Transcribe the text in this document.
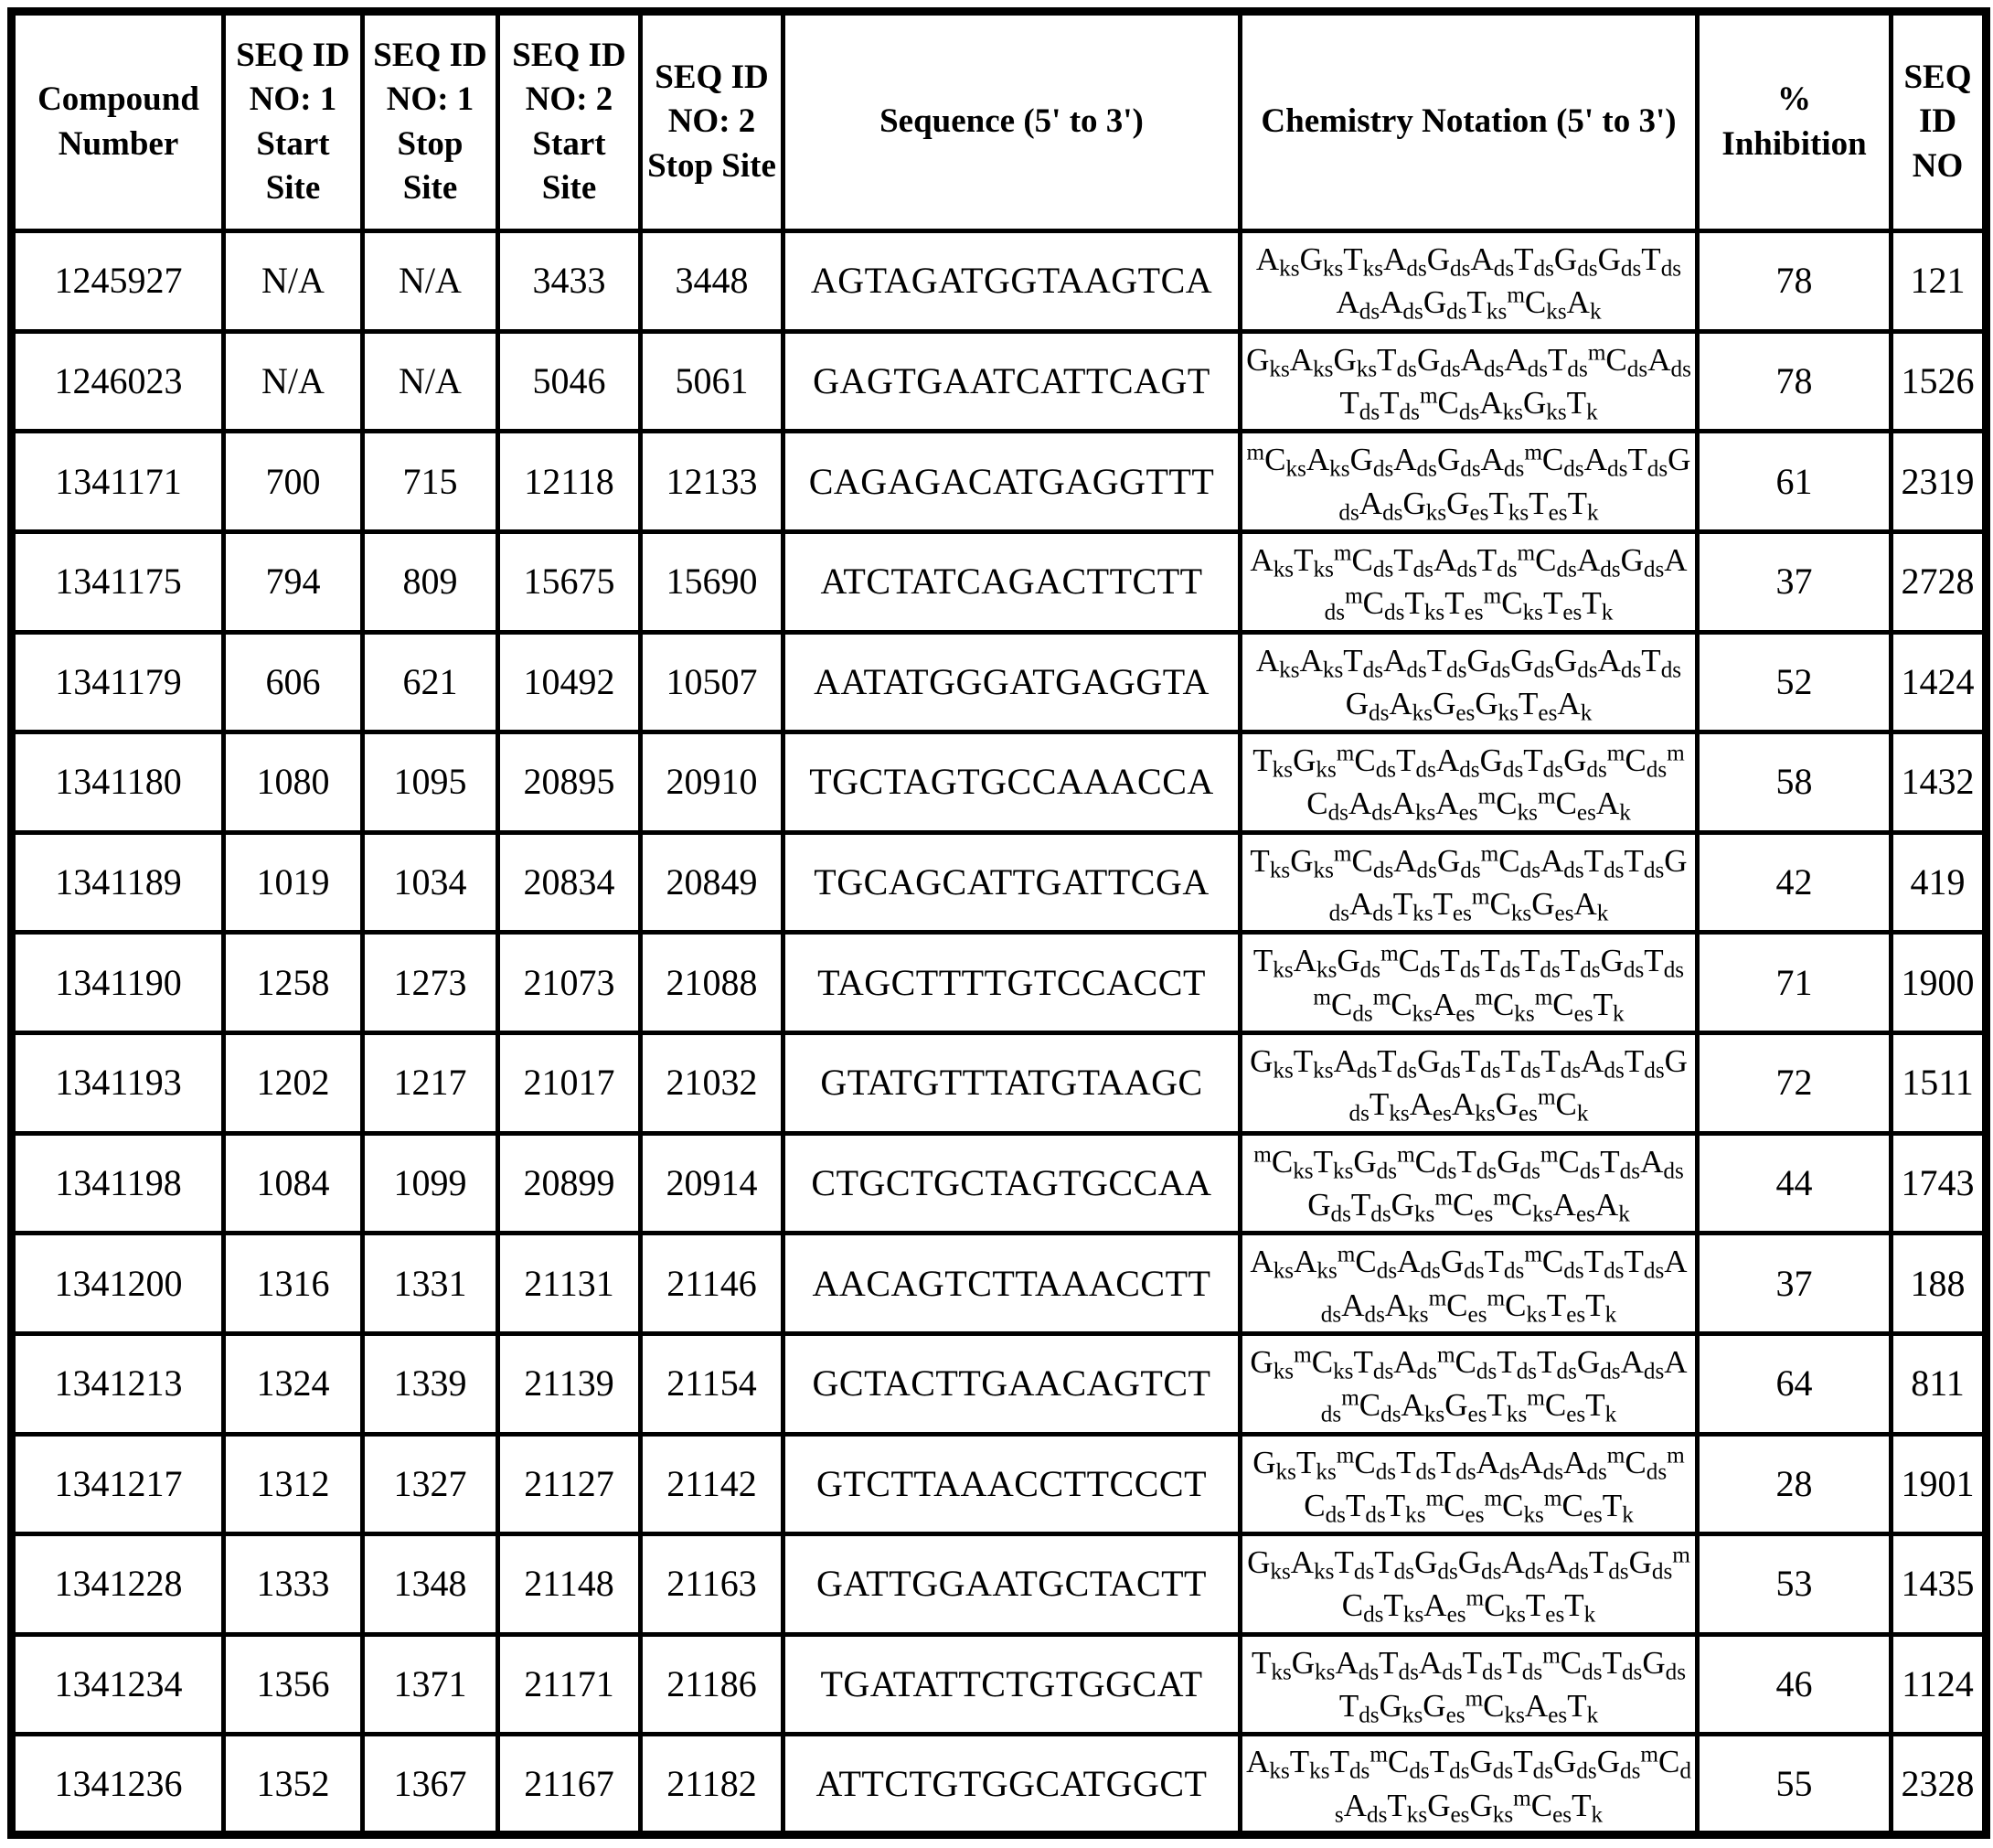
Compound Number	SEQ ID NO: 1 Start Site	SEQ ID NO: 1 Stop Site	SEQ ID NO: 2 Start Site	SEQ ID NO: 2 Stop Site	Sequence (5' to 3')	Chemistry Notation (5' to 3')	% Inhibition	SEQ ID NO
1245927	N/A	N/A	3433	3448	AGTAGATGGTAAGTCA	$A_{ks}G_{ks}T_{ks}A_{ds}G_{ds}A_{ds}T_{ds}G_{ds}G_{ds}T_{ds}A_{ds}A_{ds}G_{ds}T_{ks}^mC_{ks}A_k$	78	121
1246023	N/A	N/A	5046	5061	GAGTGAATCATTCAGT	$G_{ks}A_{ks}G_{ks}T_{ds}G_{ds}A_{ds}A_{ds}T_{ds}^mC_{ds}A_{ds}T_{ds}T_{ds}^mC_{ds}A_{ks}G_{ks}T_k$	78	1526
1341171	700	715	12118	12133	CAGAGACATGAGGTTT	$^mC_{ks}A_{ks}G_{ds}A_{ds}G_{ds}A_{ds}^mC_{ds}A_{ds}T_{ds}G_{ds}A_{ds}G_{ks}G_{es}T_{ks}T_{es}T_k$	61	2319
1341175	794	809	15675	15690	ATCTATCAGACTTCTT	$A_{ks}T_{ks}^mC_{ds}T_{ds}A_{ds}T_{ds}^mC_{ds}A_{ds}G_{ds}A_{ds}^mC_{ds}T_{ks}T_{es}^mC_{ks}T_{es}T_k$	37	2728
1341179	606	621	10492	10507	AATATGGGATGAGGTA	$A_{ks}A_{ks}T_{ds}A_{ds}T_{ds}G_{ds}G_{ds}G_{ds}A_{ds}T_{ds}G_{ds}A_{ks}G_{es}G_{ks}T_{es}A_k$	52	1424
1341180	1080	1095	20895	20910	TGCTAGTGCCAAACCA	$T_{ks}G_{ks}^mC_{ds}T_{ds}A_{ds}G_{ds}T_{ds}G_{ds}^mC_{ds}^mC_{ds}A_{ds}A_{ks}A_{es}^mC_{ks}^mC_{es}A_k$	58	1432
1341189	1019	1034	20834	20849	TGCAGCATTGATTCGA	$T_{ks}G_{ks}^mC_{ds}A_{ds}G_{ds}^mC_{ds}A_{ds}T_{ds}T_{ds}G_{ds}A_{ds}T_{ks}T_{es}^mC_{ks}G_{es}A_k$	42	419
1341190	1258	1273	21073	21088	TAGCTTTTGTCCACCT	$T_{ks}A_{ks}G_{ds}^mC_{ds}T_{ds}T_{ds}T_{ds}T_{ds}G_{ds}T_{ds}^mC_{ds}^mC_{ks}A_{es}^mC_{ks}^mC_{es}T_k$	71	1900
1341193	1202	1217	21017	21032	GTATGTTTATGTAAGC	$G_{ks}T_{ks}A_{ds}T_{ds}G_{ds}T_{ds}T_{ds}T_{ds}A_{ds}T_{ds}G_{ds}T_{ks}A_{es}A_{ks}G_{es}^mC_k$	72	1511
1341198	1084	1099	20899	20914	CTGCTGCTAGTGCCAA	$^mC_{ks}T_{ks}G_{ds}^mC_{ds}T_{ds}G_{ds}^mC_{ds}T_{ds}A_{ds}G_{ds}T_{ds}G_{ks}^mC_{es}^mC_{ks}A_{es}A_k$	44	1743
1341200	1316	1331	21131	21146	AACAGTCTTAAACCTT	$A_{ks}A_{ks}^mC_{ds}A_{ds}G_{ds}T_{ds}^mC_{ds}T_{ds}T_{ds}A_{ds}A_{ds}A_{ks}^mC_{es}^mC_{ks}T_{es}T_k$	37	188
1341213	1324	1339	21139	21154	GCTACTTGAACAGTCT	$G_{ks}^mC_{ks}T_{ds}A_{ds}^mC_{ds}T_{ds}T_{ds}G_{ds}A_{ds}A_{ds}^mC_{ds}A_{ks}G_{es}T_{ks}^mC_{es}T_k$	64	811
1341217	1312	1327	21127	21142	GTCTTAAACCTTCCCT	$G_{ks}T_{ks}^mC_{ds}T_{ds}T_{ds}A_{ds}A_{ds}A_{ds}^mC_{ds}^mC_{ds}T_{ds}T_{ks}^mC_{es}^mC_{ks}^mC_{es}T_k$	28	1901
1341228	1333	1348	21148	21163	GATTGGAATGCTACTT	$G_{ks}A_{ks}T_{ds}T_{ds}G_{ds}G_{ds}A_{ds}A_{ds}T_{ds}G_{ds}^mC_{ds}T_{ks}A_{es}^mC_{ks}T_{es}T_k$	53	1435
1341234	1356	1371	21171	21186	TGATATTCTGTGGCAT	$T_{ks}G_{ks}A_{ds}T_{ds}A_{ds}T_{ds}T_{ds}^mC_{ds}T_{ds}G_{ds}T_{ds}G_{ks}G_{es}^mC_{ks}A_{es}T_k$	46	1124
1341236	1352	1367	21167	21182	ATTCTGTGGCATGGCT	$A_{ks}T_{ks}T_{ds}^mC_{ds}T_{ds}G_{ds}T_{ds}G_{ds}G_{ds}^mC_{ds}A_{ds}T_{ks}G_{es}G_{ks}^mC_{es}T_k$	55	2328
